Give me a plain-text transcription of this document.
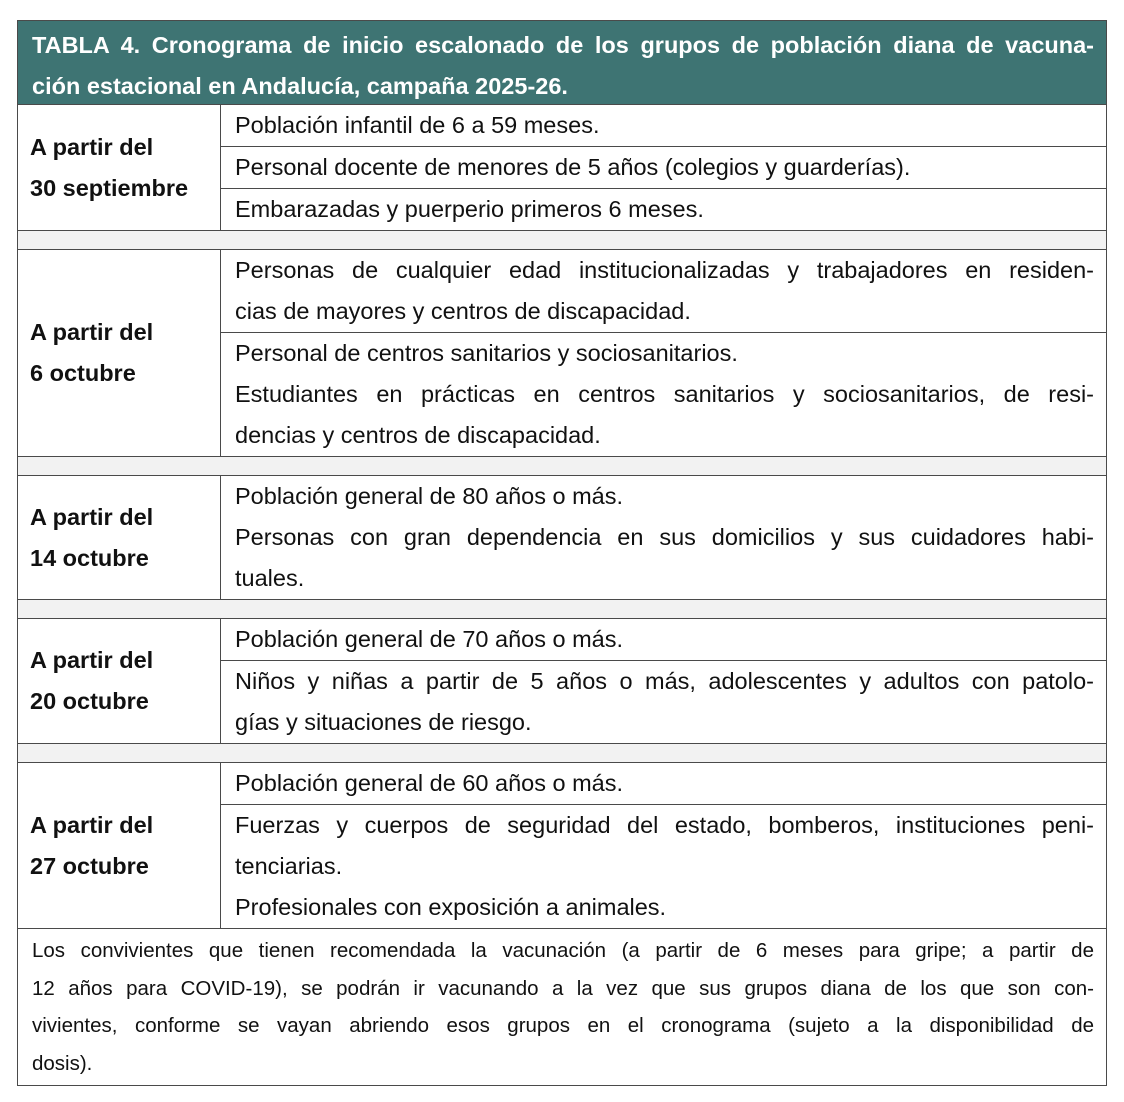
TABLA 4. Cronograma de inicio escalonado de los grupos de población diana de vacuna-
ción estacional en Andalucía, campaña 2025-26.
A partir del
30 septiembre
Población infantil de 6 a 59 meses.
Personal docente de menores de 5 años (colegios y guarderías).
Embarazadas y puerperio primeros 6 meses.
A partir del
6 octubre
Personas de cualquier edad institucionalizadas y trabajadores en residen-
cias de mayores y centros de discapacidad.
Personal de centros sanitarios y sociosanitarios.
Estudiantes en prácticas en centros sanitarios y sociosanitarios, de resi-
dencias y centros de discapacidad.
A partir del
14 octubre
Población general de 80 años o más.
Personas con gran dependencia en sus domicilios y sus cuidadores habi-
tuales.
A partir del
20 octubre
Población general de 70 años o más.
Niños y niñas a partir de 5 años o más, adolescentes y adultos con patolo-
gías y situaciones de riesgo.
A partir del
27 octubre
Población general de 60 años o más.
Fuerzas y cuerpos de seguridad del estado, bomberos, instituciones peni-
tenciarias.
Profesionales con exposición a animales.
Los convivientes que tienen recomendada la vacunación (a partir de 6 meses para gripe; a partir de
12 años para COVID-19), se podrán ir vacunando a la vez que sus grupos diana de los que son con-
vivientes, conforme se vayan abriendo esos grupos en el cronograma (sujeto a la disponibilidad de
dosis).
